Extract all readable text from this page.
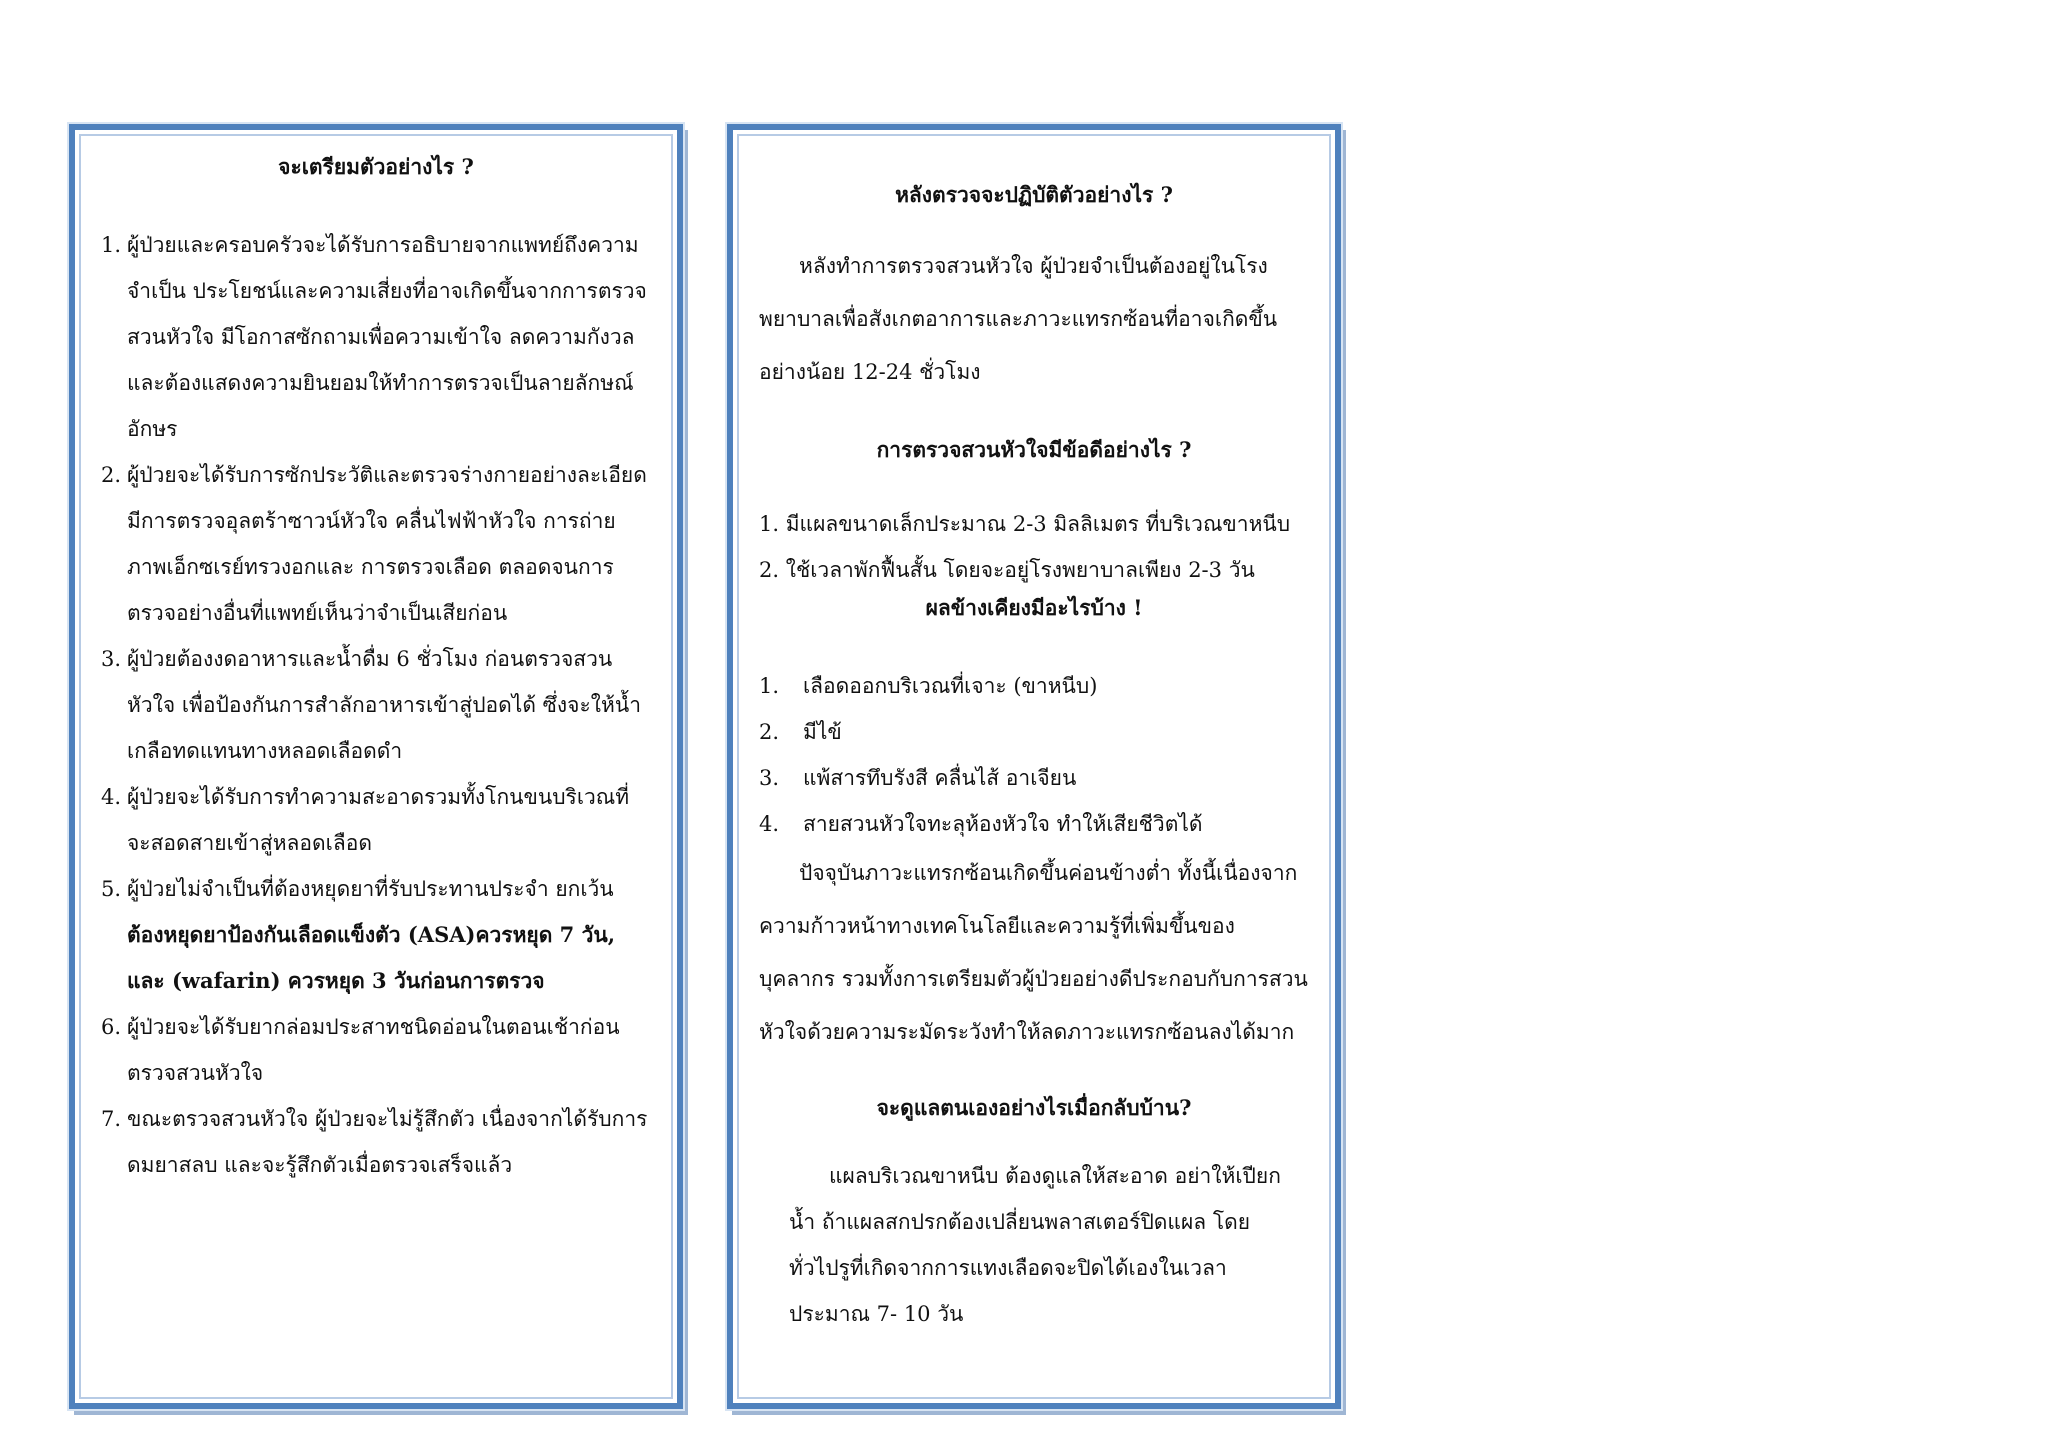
จะเตรียมตัวอย่างไร ?
1. ผู้ป่วยและครอบครัวจะได้รับการอธิบายจากแพทย์ถึงความจำเป็น ประโยชน์และความเสี่ยงที่อาจเกิดขึ้นจากการตรวจสวนหัวใจ มีโอกาสซักถามเพื่อความเข้าใจ ลดความกังวล และต้องแสดงความยินยอมให้ทำการตรวจเป็นลายลักษณ์อักษร
2. ผู้ป่วยจะได้รับการซักประวัติและตรวจร่างกายอย่างละเอียด มีการตรวจอุลตร้าซาวน์หัวใจ คลื่นไฟฟ้าหัวใจ การถ่ายภาพเอ็กซเรย์ทรวงอกและ การตรวจเลือด ตลอดจนการตรวจอย่างอื่นที่แพทย์เห็นว่าจำเป็นเสียก่อน
3. ผู้ป่วยต้องงดอาหารและน้ำดื่ม 6 ชั่วโมง ก่อนตรวจสวนหัวใจ เพื่อป้องกันการสำลักอาหารเข้าสู่ปอดได้ ซึ่งจะให้น้ำเกลือทดแทนทางหลอดเลือดดำ
4. ผู้ป่วยจะได้รับการทำความสะอาดรวมทั้งโกนขนบริเวณที่จะสอดสายเข้าสู่หลอดเลือด
5. ผู้ป่วยไม่จำเป็นที่ต้องหยุดยาที่รับประทานประจำ ยกเว้น
ต้องหยุดยาป้องกันเลือดแข็งตัว (ASA)ควรหยุด 7 วัน, และ (wafarin) ควรหยุด 3 วันก่อนการตรวจ
6. ผู้ป่วยจะได้รับยากล่อมประสาทชนิดอ่อนในตอนเช้าก่อนตรวจสวนหัวใจ
7. ขณะตรวจสวนหัวใจ ผู้ป่วยจะไม่รู้สึกตัว เนื่องจากได้รับการดมยาสลบ และจะรู้สึกตัวเมื่อตรวจเสร็จแล้ว
หลังตรวจจะปฏิบัติตัวอย่างไร ?

หลังทำการตรวจสวนหัวใจ ผู้ป่วยจำเป็นต้องอยู่ในโรงพยาบาลเพื่อสังเกตอาการและภาวะแทรกซ้อนที่อาจเกิดขึ้นอย่างน้อย 12-24 ชั่วโมง

การตรวจสวนหัวใจมีข้อดีอย่างไร ?
1. มีแผลขนาดเล็กประมาณ 2-3 มิลลิเมตร ที่บริเวณขาหนีบ
2. ใช้เวลาพักฟื้นสั้น โดยจะอยู่โรงพยาบาลเพียง 2-3 วัน
ผลข้างเคียงมีอะไรบ้าง !
1. เลือดออกบริเวณที่เจาะ (ขาหนีบ)
2. มีไข้
3. แพ้สารทึบรังสี คลื่นไส้ อาเจียน
4. สายสวนหัวใจทะลุห้องหัวใจ ทำให้เสียชีวิตได้

ปัจจุบันภาวะแทรกซ้อนเกิดขึ้นค่อนข้างต่ำ ทั้งนี้เนื่องจากความก้าวหน้าทางเทคโนโลยีและความรู้ที่เพิ่มขึ้นของบุคลากร รวมทั้งการเตรียมตัวผู้ป่วยอย่างดีประกอบกับการสวนหัวใจด้วยความระมัดระวังทำให้ลดภาวะแทรกซ้อนลงได้มาก

จะดูแลตนเองอย่างไรเมื่อกลับบ้าน?

แผลบริเวณขาหนีบ ต้องดูแลให้สะอาด อย่าให้เปียกน้ำ ถ้าแผลสกปรกต้องเปลี่ยนพลาสเตอร์ปิดแผล โดยทั่วไปรูที่เกิดจากการแทงเลือดจะปิดได้เองในเวลาประมาณ 7- 10 วัน
